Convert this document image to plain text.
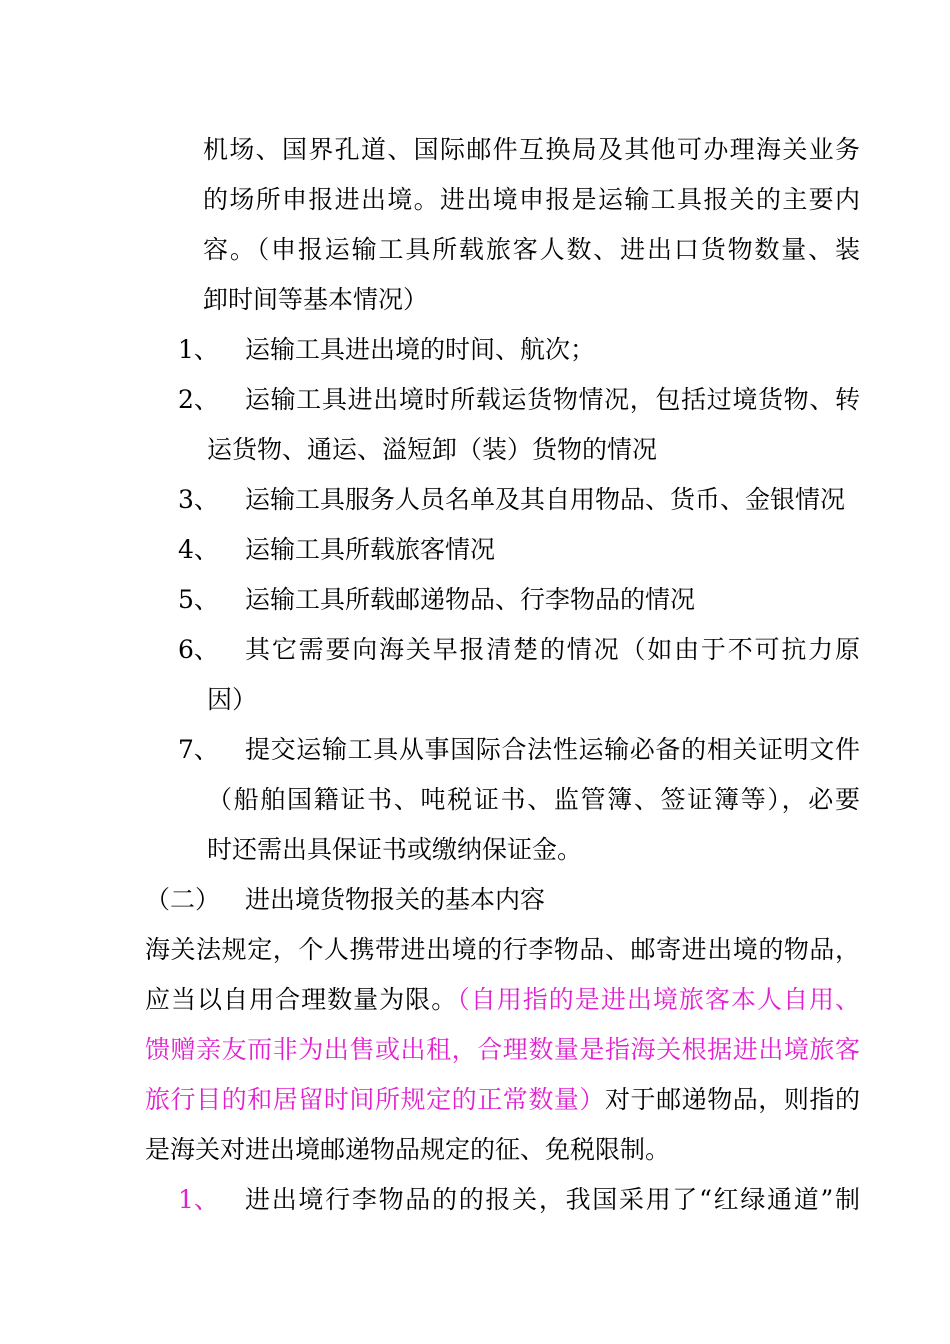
机场、国界孔道、国际邮件互换局及其他可办理海关业务
的场所申报进出境。进出境申报是运输工具报关的主要内
容。（申报运输工具所载旅客人数、进出口货物数量、装
卸时间等基本情况）
1、 运输工具进出境的时间、航次；
2、 运输工具进出境时所载运货物情况，包括过境货物、转
运货物、通运、溢短卸（装）货物的情况
3、 运输工具服务人员名单及其自用物品、货币、金银情况
4、 运输工具所载旅客情况
5、 运输工具所载邮递物品、行李物品的情况
6、 其它需要向海关早报清楚的情况（如由于不可抗力原
因）
7、 提交运输工具从事国际合法性运输必备的相关证明文件
（船舶国籍证书、吨税证书、监管簿、签证簿等），必要
时还需出具保证书或缴纳保证金。
（二） 进出境货物报关的基本内容
海关法规定，个人携带进出境的行李物品、邮寄进出境的物品，
应当以自用合理数量为限。（自用指的是进出境旅客本人自用、
馈赠亲友而非为出售或出租，合理数量是指海关根据进出境旅客
旅行目的和居留时间所规定的正常数量）对于邮递物品，则指的
是海关对进出境邮递物品规定的征、免税限制。
1、 进出境行李物品的的报关，我国采用了“红绿通道”制
